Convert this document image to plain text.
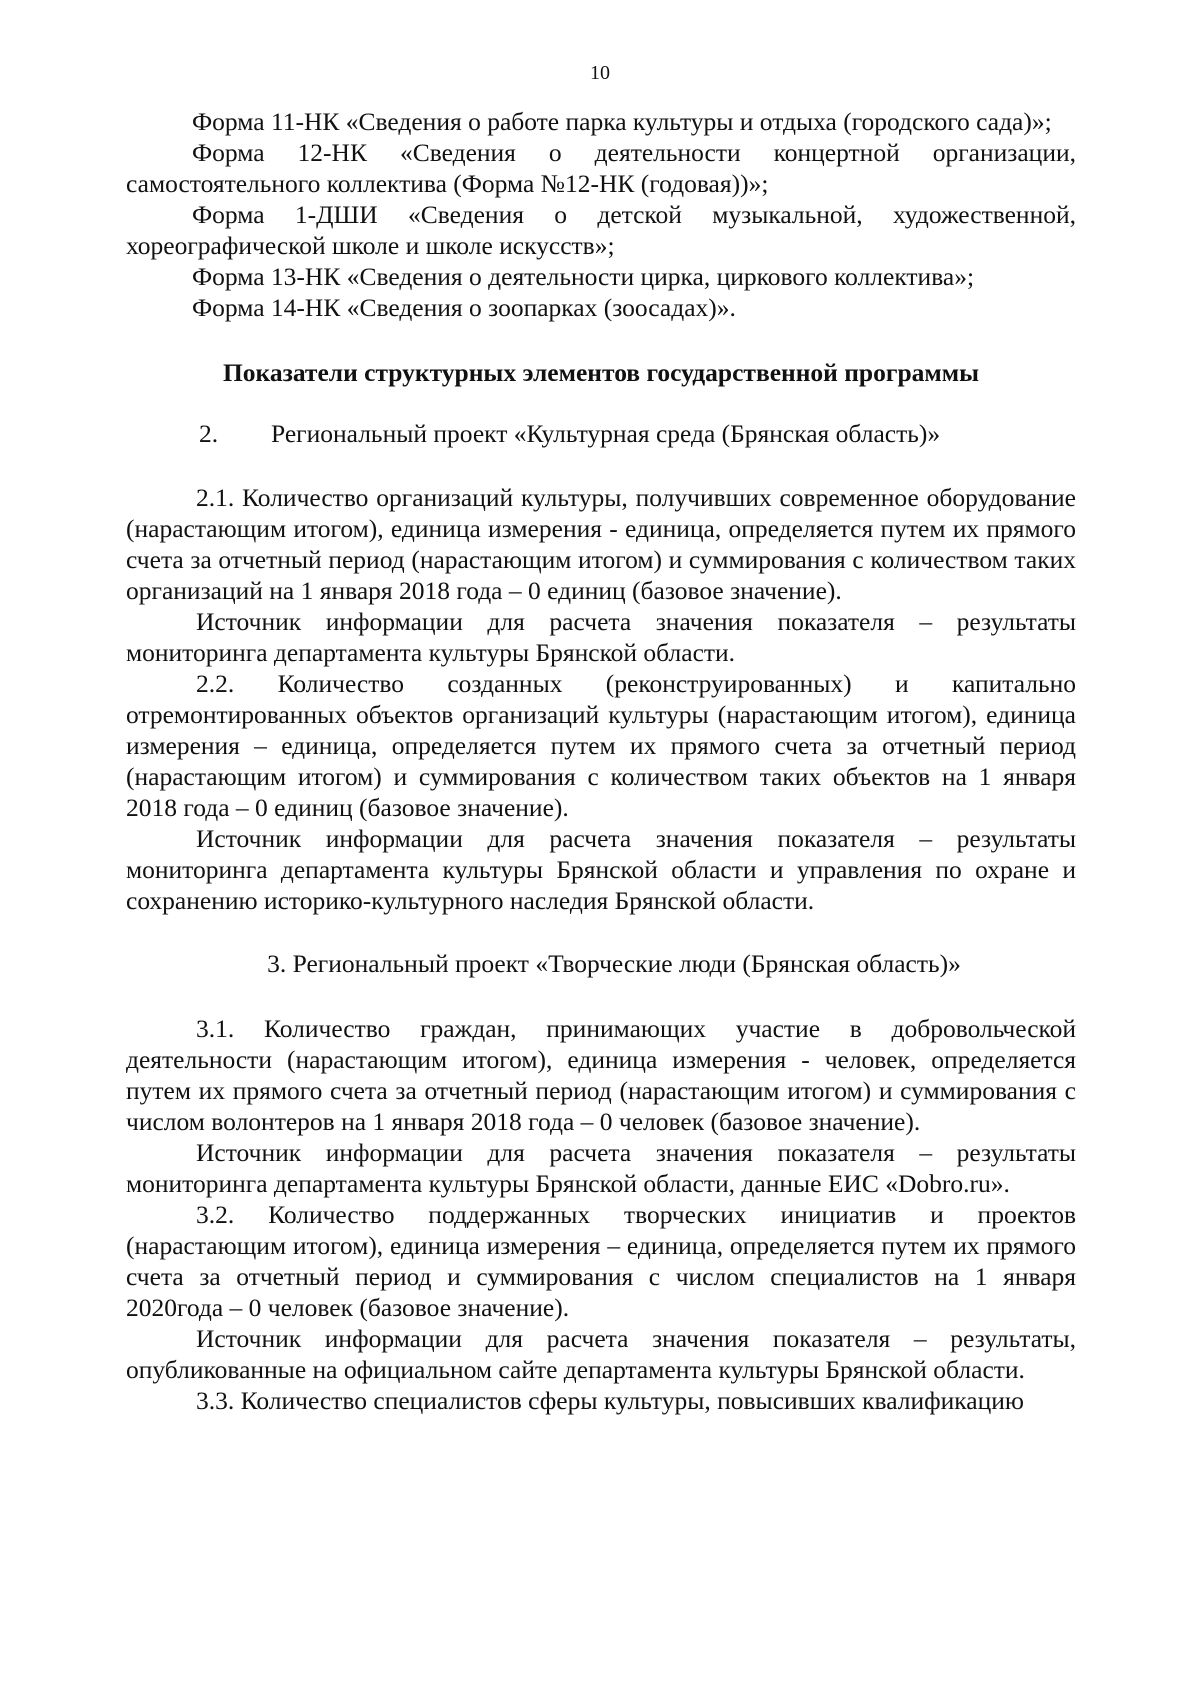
10

Форма 11-НК «Сведения о работе парка культуры и отдыха (городского сада)»;

Форма 12-НК «Сведения о деятельности концертной организации, самостоятельного коллектива (Форма №12-НК (годовая))»;

Форма 1-ДШИ «Сведения о детской музыкальной, художественной, хореографической школе и школе искусств»;

Форма 13-НК «Сведения о деятельности цирка, циркового коллектива»;

Форма 14-НК «Сведения о зоопарках (зоосадах)».

Показатели структурных элементов государственной программы
2. Региональный проект «Культурная среда (Брянская область)»

2.1. Количество организаций культуры, получивших современное оборудование (нарастающим итогом), единица измерения - единица, определяется путем их прямого счета за отчетный период (нарастающим итогом) и суммирования с количеством таких организаций на 1 января 2018 года – 0 единиц (базовое значение).

Источник информации для расчета значения показателя – результаты мониторинга департамента культуры Брянской области.

2.2. Количество созданных (реконструированных) и капитально отремонтированных объектов организаций культуры (нарастающим итогом), единица измерения – единица, определяется путем их прямого счета за отчетный период (нарастающим итогом) и суммирования с количеством таких объектов на 1 января 2018 года – 0 единиц (базовое значение).

Источник информации для расчета значения показателя – результаты мониторинга департамента культуры Брянской области и управления по охране и сохранению историко-культурного наследия Брянской области.

3. Региональный проект «Творческие люди (Брянская область)»

3.1. Количество граждан, принимающих участие в добровольческой деятельности (нарастающим итогом), единица измерения - человек, определяется путем их прямого счета за отчетный период (нарастающим итогом) и суммирования с числом волонтеров на 1 января 2018 года – 0 человек (базовое значение).

Источник информации для расчета значения показателя – результаты мониторинга департамента культуры Брянской области, данные ЕИС «Dobro.ru».

3.2. Количество поддержанных творческих инициатив и проектов (нарастающим итогом), единица измерения – единица, определяется путем их прямого счета за отчетный период и суммирования с числом специалистов на 1 января 2020года – 0 человек (базовое значение).

Источник информации для расчета значения показателя – результаты, опубликованные на официальном сайте департамента культуры Брянской области.

3.3. Количество специалистов сферы культуры, повысивших квалификацию
